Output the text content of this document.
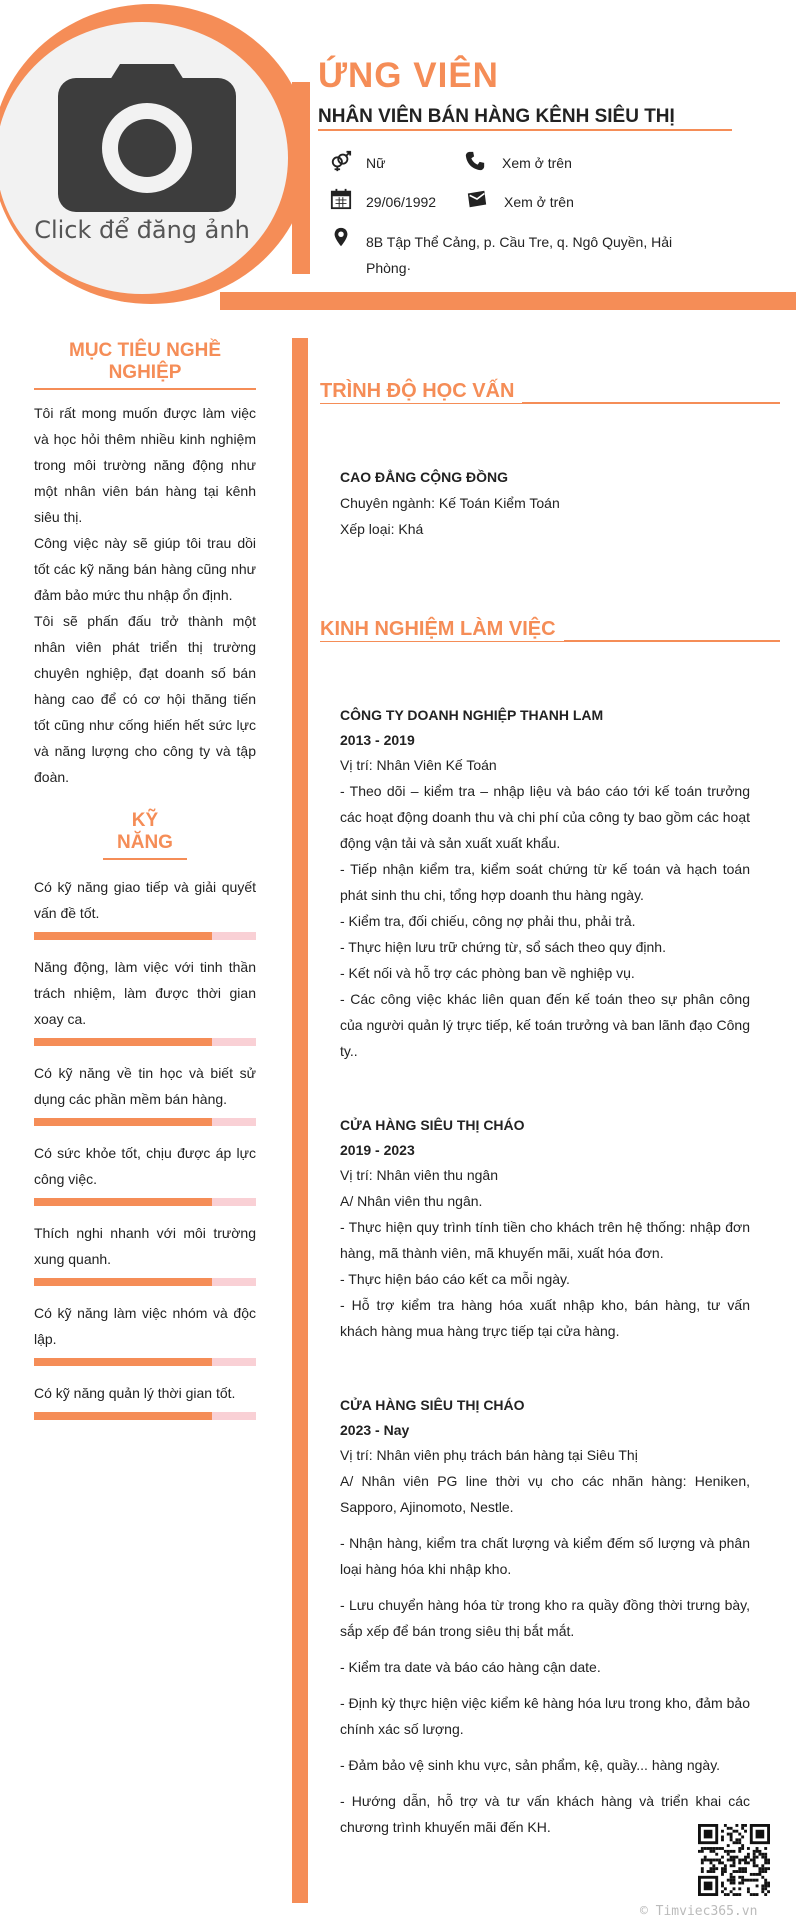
Click để đăng ảnh
ỨNG VIÊN
NHÂN VIÊN BÁN HÀNG KÊNH SIÊU THỊ
Nữ	Xem ở trên
29/06/1992	Xem ở trên
8B Tập Thể Cảng, p. Cầu Tre, q. Ngô Quyền, Hải Phòng·
MỤC TIÊU NGHỀ NGHIỆP

Tôi rất mong muốn được làm việc và học hỏi thêm nhiều kinh nghiệm trong môi trường năng động như một nhân viên bán hàng tại kênh siêu thị.

Công việc này sẽ giúp tôi trau dồi tốt các kỹ năng bán hàng cũng như đảm bảo mức thu nhập ổn định.

Tôi sẽ phấn đấu trở thành một nhân viên phát triển thị trường chuyên nghiệp, đạt doanh số bán hàng cao để có cơ hội thăng tiến tốt cũng như cống hiến hết sức lực và năng lượng cho công ty và tập đoàn.

KỸ NĂNG
Có kỹ năng giao tiếp và giải quyết vấn đề tốt.
Năng động, làm việc với tinh thần trách nhiệm, làm được thời gian xoay ca.
Có kỹ năng về tin học và biết sử dụng các phần mềm bán hàng.
Có sức khỏe tốt, chịu được áp lực công việc.
Thích nghi nhanh với môi trường xung quanh.
Có kỹ năng làm việc nhóm và độc lập.
Có kỹ năng quản lý thời gian tốt.
TRÌNH ĐỘ HỌC VẤN
CAO ĐẲNG CỘNG ĐỒNG
Chuyên ngành: Kế Toán Kiểm Toán
Xếp loại: Khá
KINH NGHIỆM LÀM VIỆC
CÔNG TY DOANH NGHIỆP THANH LAM
2013 - 2019
Vị trí: Nhân Viên Kế Toán
- Theo dõi – kiểm tra – nhập liệu và báo cáo tới kế toán trưởng các hoạt động doanh thu và chi phí của công ty bao gồm các hoạt động vận tải và sản xuất xuất khẩu.
- Tiếp nhận kiểm tra, kiểm soát chứng từ kế toán và hạch toán phát sinh thu chi, tổng hợp doanh thu hàng ngày.
- Kiểm tra, đối chiếu, công nợ phải thu, phải trả.
- Thực hiện lưu trữ chứng từ, sổ sách theo quy định.
- Kết nối và hỗ trợ các phòng ban về nghiệp vụ.
- Các công việc khác liên quan đến kế toán theo sự phân công của người quản lý trực tiếp, kế toán trưởng và ban lãnh đạo Công ty..
CỬA HÀNG SIÊU THỊ CHÁO
2019 - 2023
Vị trí: Nhân viên thu ngân
A/ Nhân viên thu ngân.
- Thực hiện quy trình tính tiền cho khách trên hệ thống: nhập đơn hàng, mã thành viên, mã khuyến mãi, xuất hóa đơn.
- Thực hiện báo cáo kết ca mỗi ngày.
- Hỗ trợ kiểm tra hàng hóa xuất nhập kho, bán hàng, tư vấn khách hàng mua hàng trực tiếp tại cửa hàng.
CỬA HÀNG SIÊU THỊ CHÁO
2023 - Nay
Vị trí: Nhân viên phụ trách bán hàng tại Siêu Thị
A/ Nhân viên PG line thời vụ cho các nhãn hàng: Heniken, Sapporo, Ajinomoto, Nestle.
- Nhận hàng, kiểm tra chất lượng và kiểm đếm số lượng và phân loại hàng hóa khi nhập kho.
- Lưu chuyển hàng hóa từ trong kho ra quầy đồng thời trưng bày, sắp xếp để bán trong siêu thị bắt mắt.
- Kiểm tra date và báo cáo hàng cận date.
- Định kỳ thực hiện việc kiểm kê hàng hóa lưu trong kho, đảm bảo chính xác số lượng.
- Đảm bảo vệ sinh khu vực, sản phẩm, kệ, quầy... hàng ngày.
- Hướng dẫn, hỗ trợ và tư vấn khách hàng và triển khai các chương trình khuyến mãi đến KH.
© Timviec365.vn
